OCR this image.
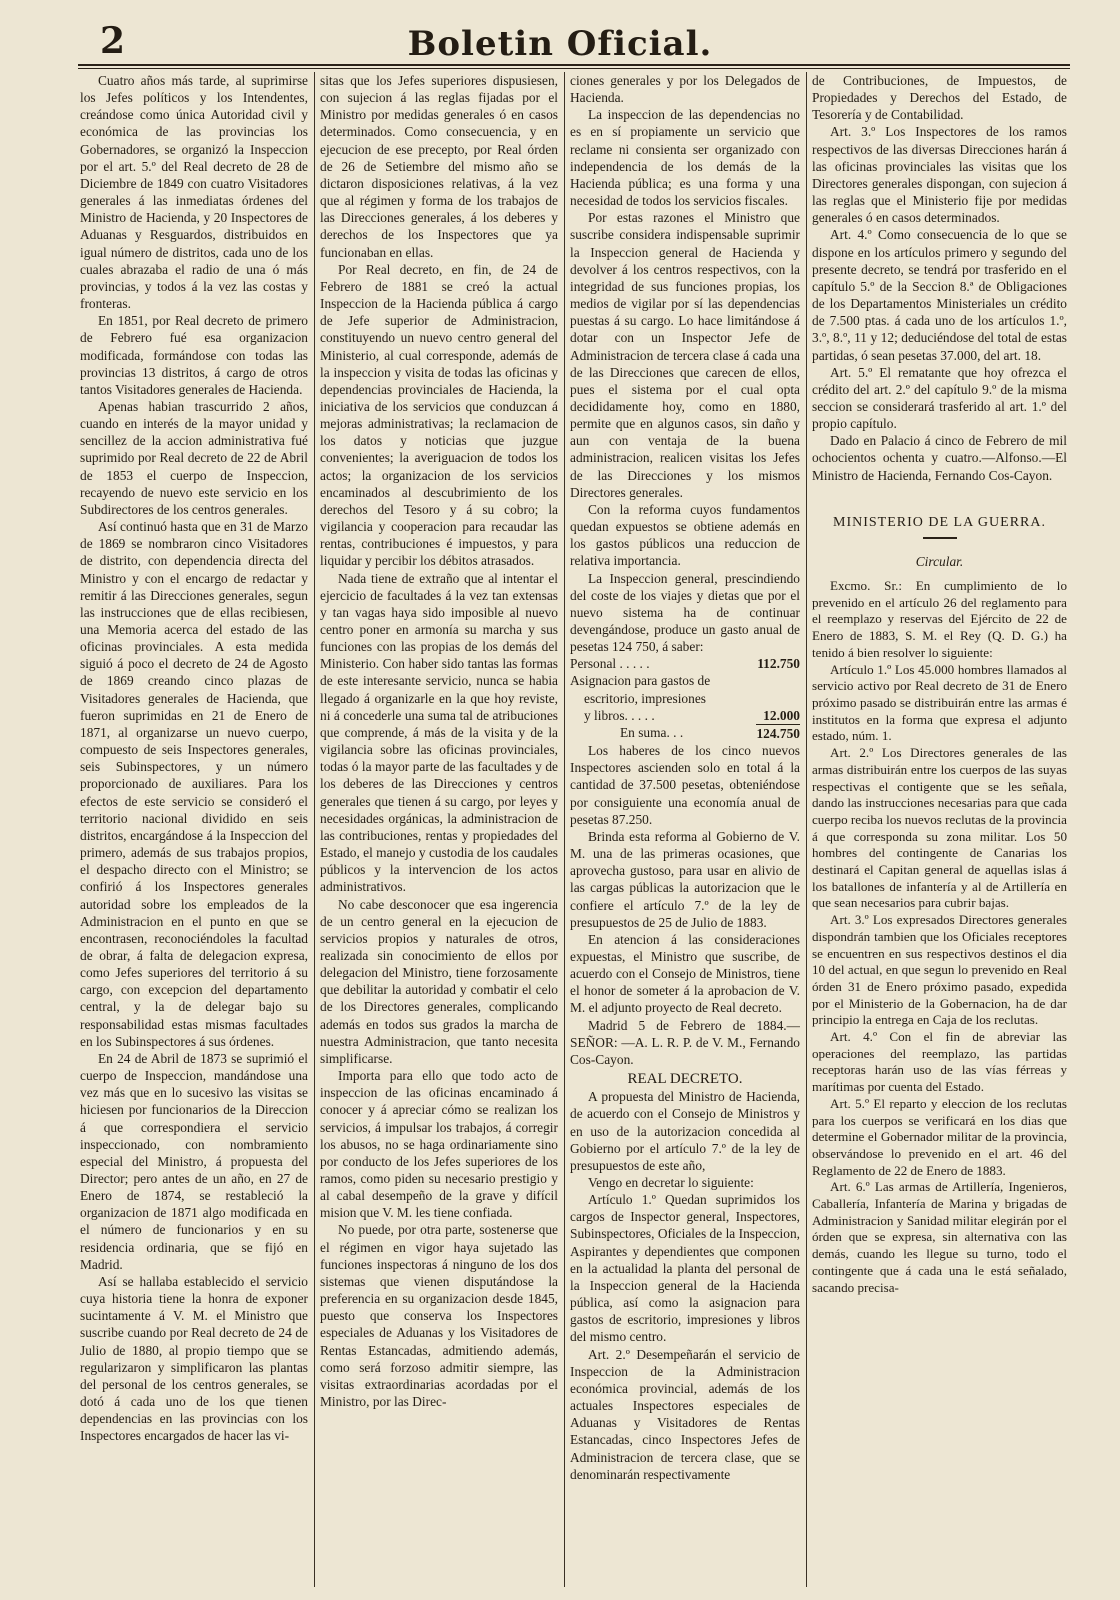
2	Boletin Oficial.

Cuatro años más tarde, al suprimirse los Jefes políticos y los Intendentes, creándose como única Autoridad civil y económica de las provincias los Gobernadores, se organizó la Inspeccion por el art. 5.º del Real decreto de 28 de Diciembre de 1849 con cuatro Visitadores generales á las inmediatas órdenes del Ministro de Hacienda, y 20 Inspectores de Aduanas y Resguardos, distribuidos en igual número de distritos, cada uno de los cuales abrazaba el radio de una ó más provincias, y todos á la vez las costas y fronteras.

En 1851, por Real decreto de primero de Febrero fué esa organizacion modificada, formándose con todas las provincias 13 distritos, á cargo de otros tantos Visitadores generales de Hacienda.

Apenas habian trascurrido 2 años, cuando en interés de la mayor unidad y sencillez de la accion administrativa fué suprimido por Real decreto de 22 de Abril de 1853 el cuerpo de Inspeccion, recayendo de nuevo este servicio en los Subdirectores de los centros generales.

Así continuó hasta que en 31 de Marzo de 1869 se nombraron cinco Visitadores de distrito, con dependencia directa del Ministro y con el encargo de redactar y remitir á las Direcciones generales, segun las instrucciones que de ellas recibiesen, una Memoria acerca del estado de las oficinas provinciales. A esta medida siguió á poco el decreto de 24 de Agosto de 1869 creando cinco plazas de Visitadores generales de Hacienda, que fueron suprimidas en 21 de Enero de 1871, al organizarse un nuevo cuerpo, compuesto de seis Inspectores generales, seis Subinspectores, y un número proporcionado de auxiliares. Para los efectos de este servicio se consideró el territorio nacional dividido en seis distritos, encargándose á la Inspeccion del primero, además de sus trabajos propios, el despacho directo con el Ministro; se confirió á los Inspectores generales autoridad sobre los empleados de la Administracion en el punto en que se encontrasen, reconociéndoles la facultad de obrar, á falta de delegacion expresa, como Jefes superiores del territorio á su cargo, con excepcion del departamento central, y la de delegar bajo su responsabilidad estas mismas facultades en los Subinspectores á sus órdenes.

En 24 de Abril de 1873 se suprimió el cuerpo de Inspeccion, mandándose una vez más que en lo sucesivo las visitas se hiciesen por funcionarios de la Direccion á que correspondiera el servicio inspeccionado, con nombramiento especial del Ministro, á propuesta del Director; pero antes de un año, en 27 de Enero de 1874, se restableció la organizacion de 1871 algo modificada en el número de funcionarios y en su residencia ordinaria, que se fijó en Madrid.

Así se hallaba establecido el servicio cuya historia tiene la honra de exponer sucintamente á V. M. el Ministro que suscribe cuando por Real decreto de 24 de Julio de 1880, al propio tiempo que se regularizaron y simplificaron las plantas del personal de los centros generales, se dotó á cada uno de los que tienen dependencias en las provincias con los Inspectores encargados de hacer las vi-

sitas que los Jefes superiores dispusiesen, con sujecion á las reglas fijadas por el Ministro por medidas generales ó en casos determinados. Como consecuencia, y en ejecucion de ese precepto, por Real órden de 26 de Setiembre del mismo año se dictaron disposiciones relativas, á la vez que al régimen y forma de los trabajos de las Direcciones generales, á los deberes y derechos de los Inspectores que ya funcionaban en ellas.

Por Real decreto, en fin, de 24 de Febrero de 1881 se creó la actual Inspeccion de la Hacienda pública á cargo de Jefe superior de Administracion, constituyendo un nuevo centro general del Ministerio, al cual corresponde, además de la inspeccion y visita de todas las oficinas y dependencias provinciales de Hacienda, la iniciativa de los servicios que conduzcan á mejoras administrativas; la reclamacion de los datos y noticias que juzgue convenientes; la averiguacion de todos los actos; la organizacion de los servicios encaminados al descubrimiento de los derechos del Tesoro y á su cobro; la vigilancia y cooperacion para recaudar las rentas, contribuciones é impuestos, y para liquidar y percibir los débitos atrasados.

Nada tiene de extraño que al intentar el ejercicio de facultades á la vez tan extensas y tan vagas haya sido imposible al nuevo centro poner en armonía su marcha y sus funciones con las propias de los demás del Ministerio. Con haber sido tantas las formas de este interesante servicio, nunca se habia llegado á organizarle en la que hoy reviste, ni á concederle una suma tal de atribuciones que comprende, á más de la visita y de la vigilancia sobre las oficinas provinciales, todas ó la mayor parte de las facultades y de los deberes de las Direcciones y centros generales que tienen á su cargo, por leyes y necesidades orgánicas, la administracion de las contribuciones, rentas y propiedades del Estado, el manejo y custodia de los caudales públicos y la intervencion de los actos administrativos.

No cabe desconocer que esa ingerencia de un centro general en la ejecucion de servicios propios y naturales de otros, realizada sin conocimiento de ellos por delegacion del Ministro, tiene forzosamente que debilitar la autoridad y combatir el celo de los Directores generales, complicando además en todos sus grados la marcha de nuestra Administracion, que tanto necesita simplificarse.

Importa para ello que todo acto de inspeccion de las oficinas encaminado á conocer y á apreciar cómo se realizan los servicios, á impulsar los trabajos, á corregir los abusos, no se haga ordinariamente sino por conducto de los Jefes superiores de los ramos, como piden su necesario prestigio y al cabal desempeño de la grave y difícil mision que V. M. les tiene confiada.

No puede, por otra parte, sostenerse que el régimen en vigor haya sujetado las funciones inspectoras á ninguno de los dos sistemas que vienen disputándose la preferencia en su organizacion desde 1845, puesto que conserva los Inspectores especiales de Aduanas y los Visitadores de Rentas Estancadas, admitiendo además, como será forzoso admitir siempre, las visitas extraordinarias acordadas por el Ministro, por las Direc-

ciones generales y por los Delegados de Hacienda.

La inspeccion de las dependencias no es en sí propiamente un servicio que reclame ni consienta ser organizado con independencia de los demás de la Hacienda pública; es una forma y una necesidad de todos los servicios fiscales.

Por estas razones el Ministro que suscribe considera indispensable suprimir la Inspeccion general de Hacienda y devolver á los centros respectivos, con la integridad de sus funciones propias, los medios de vigilar por sí las dependencias puestas á su cargo. Lo hace limitándose á dotar con un Inspector Jefe de Administracion de tercera clase á cada una de las Direcciones que carecen de ellos, pues el sistema por el cual opta decididamente hoy, como en 1880, permite que en algunos casos, sin daño y aun con ventaja de la buena administracion, realicen visitas los Jefes de las Direcciones y los mismos Directores generales.

Con la reforma cuyos fundamentos quedan expuestos se obtiene además en los gastos públicos una reduccion de relativa importancia.

La Inspeccion general, prescindiendo del coste de los viajes y dietas que por el nuevo sistema ha de continuar devengándose, produce un gasto anual de pesetas 124 750, á saber:

Personal . . . . .	112.750
Asignacion para gastos de
escritorio, impresiones
y libros. . . . .	12.000
En suma. . .	124.750

Los haberes de los cinco nuevos Inspectores ascienden solo en total á la cantidad de 37.500 pesetas, obteniéndose por consiguiente una economía anual de pesetas 87.250.

Brinda esta reforma al Gobierno de V. M. una de las primeras ocasiones, que aprovecha gustoso, para usar en alivio de las cargas públicas la autorizacion que le confiere el artículo 7.º de la ley de presupuestos de 25 de Julio de 1883.

En atencion á las consideraciones expuestas, el Ministro que suscribe, de acuerdo con el Consejo de Ministros, tiene el honor de someter á la aprobacion de V. M. el adjunto proyecto de Real decreto.

Madrid 5 de Febrero de 1884.—SEÑOR: —A. L. R. P. de V. M., Fernando Cos-Cayon.

REAL DECRETO.

A propuesta del Ministro de Hacienda, de acuerdo con el Consejo de Ministros y en uso de la autorizacion concedida al Gobierno por el artículo 7.º de la ley de presupuestos de este año,

Vengo en decretar lo siguiente:

Artículo 1.º Quedan suprimidos los cargos de Inspector general, Inspectores, Subinspectores, Oficiales de la Inspeccion, Aspirantes y dependientes que componen en la actualidad la planta del personal de la Inspeccion general de la Hacienda pública, así como la asignacion para gastos de escritorio, impresiones y libros del mismo centro.

Art. 2.º Desempeñarán el servicio de Inspeccion de la Administracion económica provincial, además de los actuales Inspectores especiales de Aduanas y Visitadores de Rentas Estancadas, cinco Inspectores Jefes de Administracion de tercera clase, que se denominarán respectivamente

de Contribuciones, de Impuestos, de Propiedades y Derechos del Estado, de Tesorería y de Contabilidad.

Art. 3.º Los Inspectores de los ramos respectivos de las diversas Direcciones harán á las oficinas provinciales las visitas que los Directores generales dispongan, con sujecion á las reglas que el Ministerio fije por medidas generales ó en casos determinados.

Art. 4.º Como consecuencia de lo que se dispone en los artículos primero y segundo del presente decreto, se tendrá por trasferido en el capítulo 5.º de la Seccion 8.ª de Obligaciones de los Departamentos Ministeriales un crédito de 7.500 ptas. á cada uno de los artículos 1.º, 3.º, 8.º, 11 y 12; deduciéndose del total de estas partidas, ó sean pesetas 37.000, del art. 18.

Art. 5.º El rematante que hoy ofrezca el crédito del art. 2.º del capítulo 9.º de la misma seccion se considerará trasferido al art. 1.º del propio capítulo.

Dado en Palacio á cinco de Febrero de mil ochocientos ochenta y cuatro.—Alfonso.—El Ministro de Hacienda, Fernando Cos-Cayon.

MINISTERIO DE LA GUERRA.

Circular.

Excmo. Sr.: En cumplimiento de lo prevenido en el artículo 26 del reglamento para el reemplazo y reservas del Ejército de 22 de Enero de 1883, S. M. el Rey (Q. D. G.) ha tenido á bien resolver lo siguiente:

Artículo 1.º Los 45.000 hombres llamados al servicio activo por Real decreto de 31 de Enero próximo pasado se distribuirán entre las armas é institutos en la forma que expresa el adjunto estado, núm. 1.

Art. 2.º Los Directores generales de las armas distribuirán entre los cuerpos de las suyas respectivas el contigente que se les señala, dando las instrucciones necesarias para que cada cuerpo reciba los nuevos reclutas de la provincia á que corresponda su zona militar. Los 50 hombres del contingente de Canarias los destinará el Capitan general de aquellas islas á los batallones de infantería y al de Artillería en que sean necesarios para cubrir bajas.

Art. 3.º Los expresados Directores generales dispondrán tambien que los Oficiales receptores se encuentren en sus respectivos destinos el dia 10 del actual, en que segun lo prevenido en Real órden 31 de Enero próximo pasado, expedida por el Ministerio de la Gobernacion, ha de dar principio la entrega en Caja de los reclutas.

Art. 4.º Con el fin de abreviar las operaciones del reemplazo, las partidas receptoras harán uso de las vías férreas y marítimas por cuenta del Estado.

Art. 5.º El reparto y eleccion de los reclutas para los cuerpos se verificará en los dias que determine el Gobernador militar de la provincia, observándose lo prevenido en el art. 46 del Reglamento de 22 de Enero de 1883.

Art. 6.º Las armas de Artillería, Ingenieros, Caballería, Infantería de Marina y brigadas de Administracion y Sanidad militar elegirán por el órden que se expresa, sin alternativa con las demás, cuando les llegue su turno, todo el contingente que á cada una le está señalado, sacando precisa-
